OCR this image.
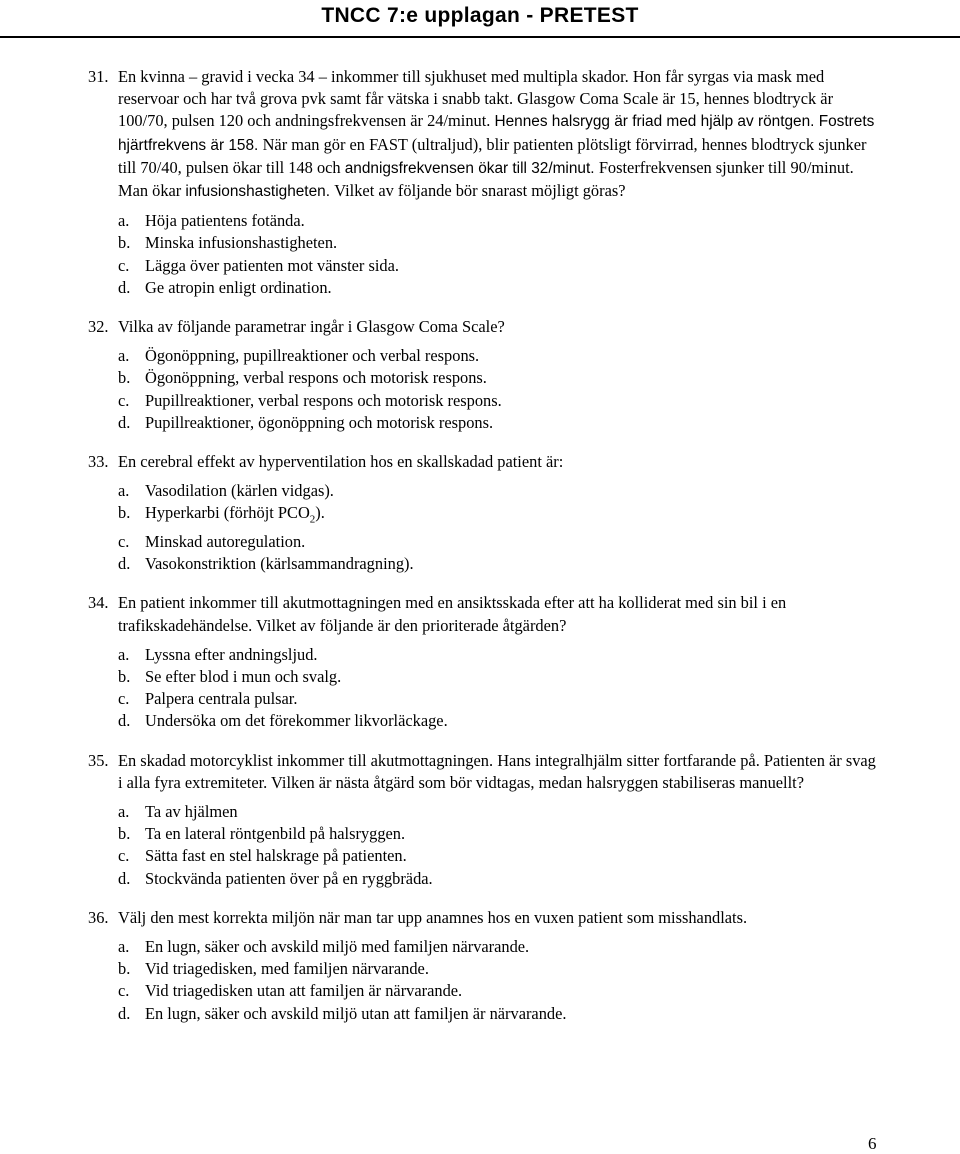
TNCC 7:e upplagan - PRETEST
31. En kvinna – gravid i vecka 34 – inkommer till sjukhuset med multipla skador. Hon får syrgas via mask med reservoar och har två grova pvk samt får vätska i snabb takt. Glasgow Coma Scale är 15, hennes blodtryck är 100/70, pulsen 120 och andningsfrekvensen är 24/minut. Hennes halsrygg är friad med hjälp av röntgen. Fostrets hjärtfrekvens är 158. När man gör en FAST (ultraljud), blir patienten plötsligt förvirrad, hennes blodtryck sjunker till 70/40, pulsen ökar till 148 och andnigsfrekvensen ökar till 32/minut. Fosterfrekvensen sjunker till 90/minut. Man ökar infusionshastigheten. Vilket av följande bör snarast möjligt göras?
a. Höja patientens fotända.
b. Minska infusionshastigheten.
c. Lägga över patienten mot vänster sida.
d. Ge atropin enligt ordination.
32. Vilka av följande parametrar ingår i Glasgow Coma Scale?
a. Ögonöppning, pupillreaktioner och verbal respons.
b. Ögonöppning, verbal respons och motorisk respons.
c. Pupillreaktioner, verbal respons och motorisk respons.
d. Pupillreaktioner, ögonöppning och motorisk respons.
33. En cerebral effekt av hyperventilation hos en skallskadad patient är:
a. Vasodilation (kärlen vidgas).
b. Hyperkarbi (förhöjt $PCO_2$).
c. Minskad autoregulation.
d. Vasokonstriktion (kärlsammandragning).
34. En patient inkommer till akutmottagningen med en ansiktsskada efter att ha kolliderat med sin bil i en trafikskadehändelse. Vilket av följande är den prioriterade åtgärden?
a. Lyssna efter andningsljud.
b. Se efter blod i mun och svalg.
c. Palpera centrala pulsar.
d. Undersöka om det förekommer likvorläckage.
35. En skadad motorcyklist inkommer till akutmottagningen. Hans integralhjälm sitter fortfarande på. Patienten är svag i alla fyra extremiteter. Vilken är nästa åtgärd som bör vidtagas, medan halsryggen stabiliseras manuellt?
a. Ta av hjälmen
b. Ta en lateral röntgenbild på halsryggen.
c. Sätta fast en stel halskrage på patienten.
d. Stockvända patienten över på en ryggbräda.
36. Välj den mest korrekta miljön när man tar upp anamnes hos en vuxen patient som misshandlats.
a. En lugn, säker och avskild miljö med familjen närvarande.
b. Vid triagedisken, med familjen närvarande.
c. Vid triagedisken utan att familjen är närvarande.
d. En lugn, säker och avskild miljö utan att familjen är närvarande.
6
